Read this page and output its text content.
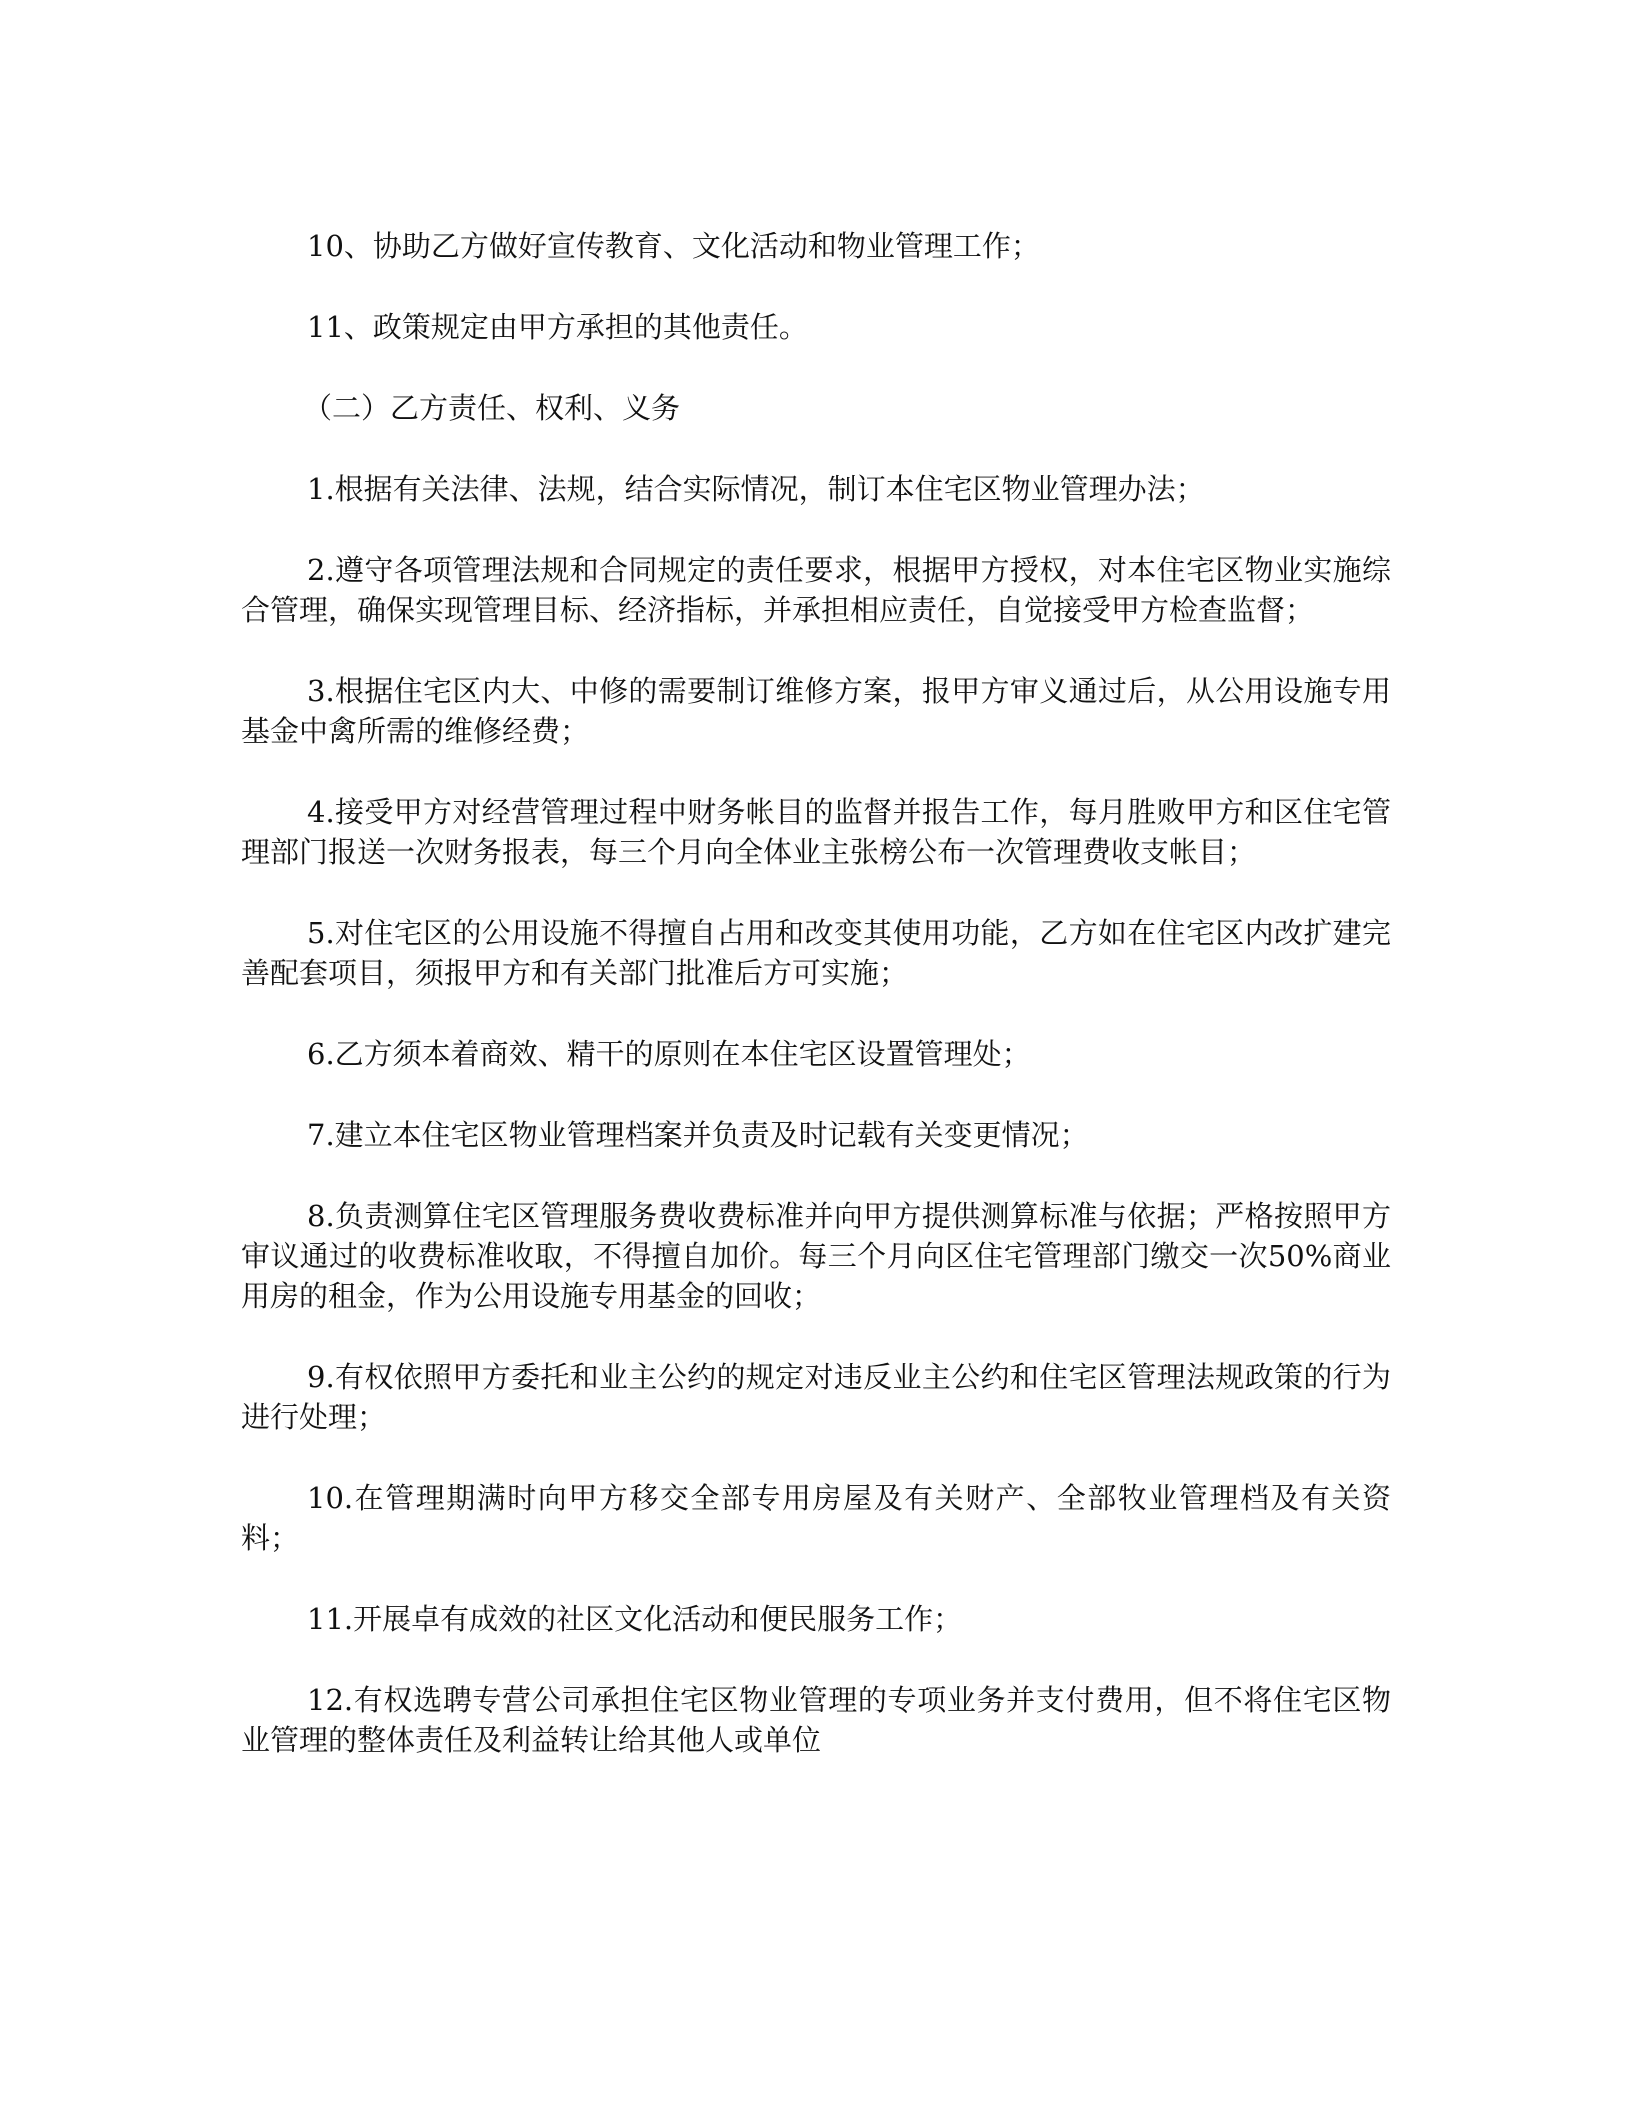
10、协助乙方做好宣传教育、文化活动和物业管理工作；

11、政策规定由甲方承担的其他责任。

（二）乙方责任、权利、义务

1.根据有关法律、法规，结合实际情况，制订本住宅区物业管理办法；

2.遵守各项管理法规和合同规定的责任要求，根据甲方授权，对本住宅区物业实施综合管理，确保实现管理目标、经济指标，并承担相应责任，自觉接受甲方检查监督；

3.根据住宅区内大、中修的需要制订维修方案，报甲方审义通过后，从公用设施专用基金中禽所需的维修经费；

4.接受甲方对经营管理过程中财务帐目的监督并报告工作，每月胜败甲方和区住宅管理部门报送一次财务报表，每三个月向全体业主张榜公布一次管理费收支帐目；

5.对住宅区的公用设施不得擅自占用和改变其使用功能，乙方如在住宅区内改扩建完善配套项目，须报甲方和有关部门批准后方可实施；

6.乙方须本着商效、精干的原则在本住宅区设置管理处；

7.建立本住宅区物业管理档案并负责及时记载有关变更情况；

8.负责测算住宅区管理服务费收费标准并向甲方提供测算标准与依据；严格按照甲方审议通过的收费标准收取，不得擅自加价。每三个月向区住宅管理部门缴交一次50%商业用房的租金，作为公用设施专用基金的回收；

9.有权依照甲方委托和业主公约的规定对违反业主公约和住宅区管理法规政策的行为进行处理；

10.在管理期满时向甲方移交全部专用房屋及有关财产、全部牧业管理档及有关资料；

11.开展卓有成效的社区文化活动和便民服务工作；

12.有权选聘专营公司承担住宅区物业管理的专项业务并支付费用，但不将住宅区物业管理的整体责任及利益转让给其他人或单位
